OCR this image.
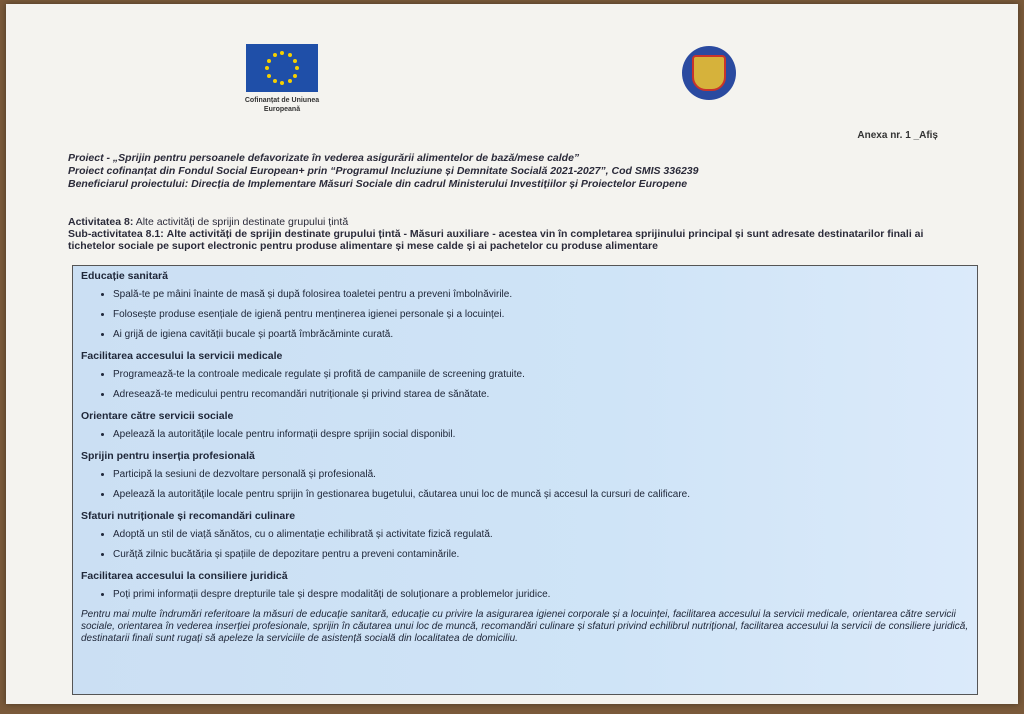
Cofinanțat de Uniunea Europeană
Anexa nr. 1 _Afiș
Proiect - „Sprijin pentru persoanele defavorizate în vederea asigurării alimentelor de bază/mese calde”
Proiect cofinanțat din Fondul Social European+ prin “Programul Incluziune și Demnitate Socială 2021-2027”, Cod SMIS 336239
Beneficiarul proiectului: Direcția de Implementare Măsuri Sociale din cadrul Ministerului Investițiilor și Proiectelor Europene
Activitatea 8: Alte activități de sprijin destinate grupului țintă
Sub-activitatea 8.1: Alte activități de sprijin destinate grupului țintă - Măsuri auxiliare - acestea vin în completarea sprijinului principal și sunt adresate destinatarilor finali ai tichetelor sociale pe suport electronic pentru produse alimentare și mese calde și ai pachetelor cu produse alimentare
Educație sanitară
• Spală-te pe mâini înainte de masă și după folosirea toaletei pentru a preveni îmbolnăvirile.
• Folosește produse esențiale de igienă pentru menținerea igienei personale și a locuinței.
• Ai grijă de igiena cavității bucale și poartă îmbrăcăminte curată.
Facilitarea accesului la servicii medicale
• Programează-te la controale medicale regulate și profită de campaniile de screening gratuite.
• Adresează-te medicului pentru recomandări nutriționale și privind starea de sănătate.
Orientare către servicii sociale
• Apelează la autoritățile locale pentru informații despre sprijin social disponibil.
Sprijin pentru inserția profesională
• Participă la sesiuni de dezvoltare personală și profesională.
• Apelează la autoritățile locale pentru sprijin în gestionarea bugetului, căutarea unui loc de muncă și accesul la cursuri de calificare.
Sfaturi nutriționale și recomandări culinare
• Adoptă un stil de viață sănătos, cu o alimentație echilibrată și activitate fizică regulată.
• Curăță zilnic bucătăria și spațiile de depozitare pentru a preveni contaminările.
Facilitarea accesului la consiliere juridică
• Poți primi informații despre drepturile tale și despre modalități de soluționare a problemelor juridice.
Pentru mai multe îndrumări referitoare la măsuri de educație sanitară, educație cu privire la asigurarea igienei corporale și a locuinței, facilitarea accesului la servicii medicale, orientarea către servicii sociale, orientarea în vederea inserției profesionale, sprijin în căutarea unui loc de muncă, recomandări culinare și sfaturi privind echilibrul nutrițional, facilitarea accesului la servicii de consiliere juridică, destinatarii finali sunt rugați să apeleze la serviciile de asistență socială din localitatea de domiciliu.
